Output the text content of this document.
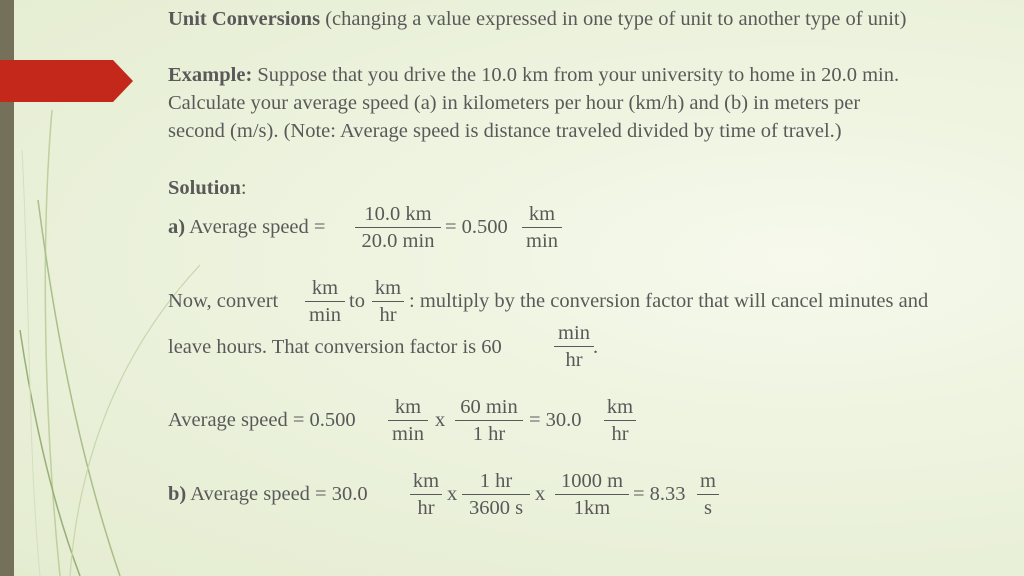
Unit Conversions (changing a value expressed in one type of unit to another type of unit)
Example: Suppose that you drive the 10.0 km from your university to home in 20.0 min.
Calculate your average speed (a) in kilometers per hour (km/h) and (b) in meters per
second (m/s). (Note: Average speed is distance traveled divided by time of travel.)
Solution:
a) Average speed =
10.0 km
20.0 min
= 0.500
km
min
Now, convert
km
min
to $\frac{km}{hr}$ : multiply by the conversion factor that will cancel minutes and
leave hours. That conversion factor is 60
min
hr
.
Average speed = 0.500
km
min
x
60 min
1 hr
= $30.0 \frac{km}{hr}$
b) Average speed = $30.0 \frac{km}{hr}$ x $\frac{1 hr}{3600 s}$ x $\frac{1000 m}{1km} = 8.33 \frac{m}{s}$
